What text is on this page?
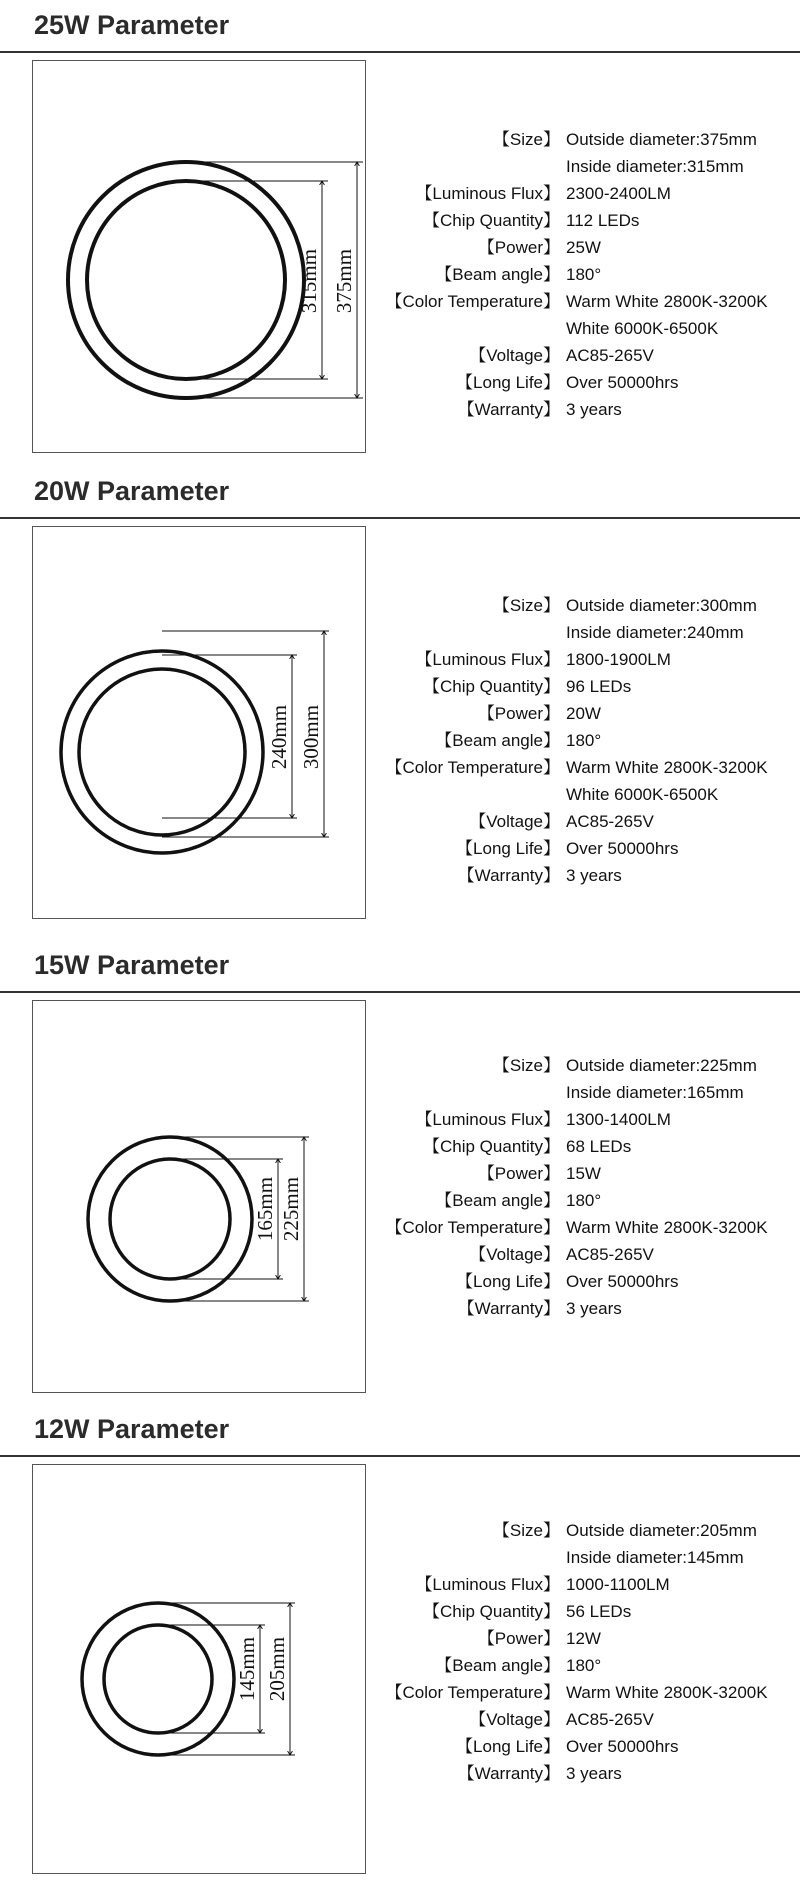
25W Parameter
375mm
315mm
【Size】 Outside diameter:375mm
Inside diameter:315mm
【Luminous Flux】 2300-2400LM
【Chip Quantity】 112 LEDs
【Power】 25W
【Beam angle】 180°
【Color Temperature】 Warm White 2800K-3200K
White 6000K-6500K
【Voltage】 AC85-265V
【Long Life】 Over 50000hrs
【Warranty】 3 years
20W Parameter
300mm
240mm
【Size】 Outside diameter:300mm
Inside diameter:240mm
【Luminous Flux】 1800-1900LM
【Chip Quantity】 96 LEDs
【Power】 20W
【Beam angle】 180°
【Color Temperature】 Warm White 2800K-3200K
White 6000K-6500K
【Voltage】 AC85-265V
【Long Life】 Over 50000hrs
【Warranty】 3 years
15W Parameter
225mm
165mm
【Size】 Outside diameter:225mm
Inside diameter:165mm
【Luminous Flux】 1300-1400LM
【Chip Quantity】 68 LEDs
【Power】 15W
【Beam angle】 180°
【Color Temperature】 Warm White 2800K-3200K
【Voltage】 AC85-265V
【Long Life】 Over 50000hrs
【Warranty】 3 years
12W Parameter
205mm
145mm
【Size】 Outside diameter:205mm
Inside diameter:145mm
【Luminous Flux】 1000-1100LM
【Chip Quantity】 56 LEDs
【Power】 12W
【Beam angle】 180°
【Color Temperature】 Warm White 2800K-3200K
【Voltage】 AC85-265V
【Long Life】 Over 50000hrs
【Warranty】 3 years
